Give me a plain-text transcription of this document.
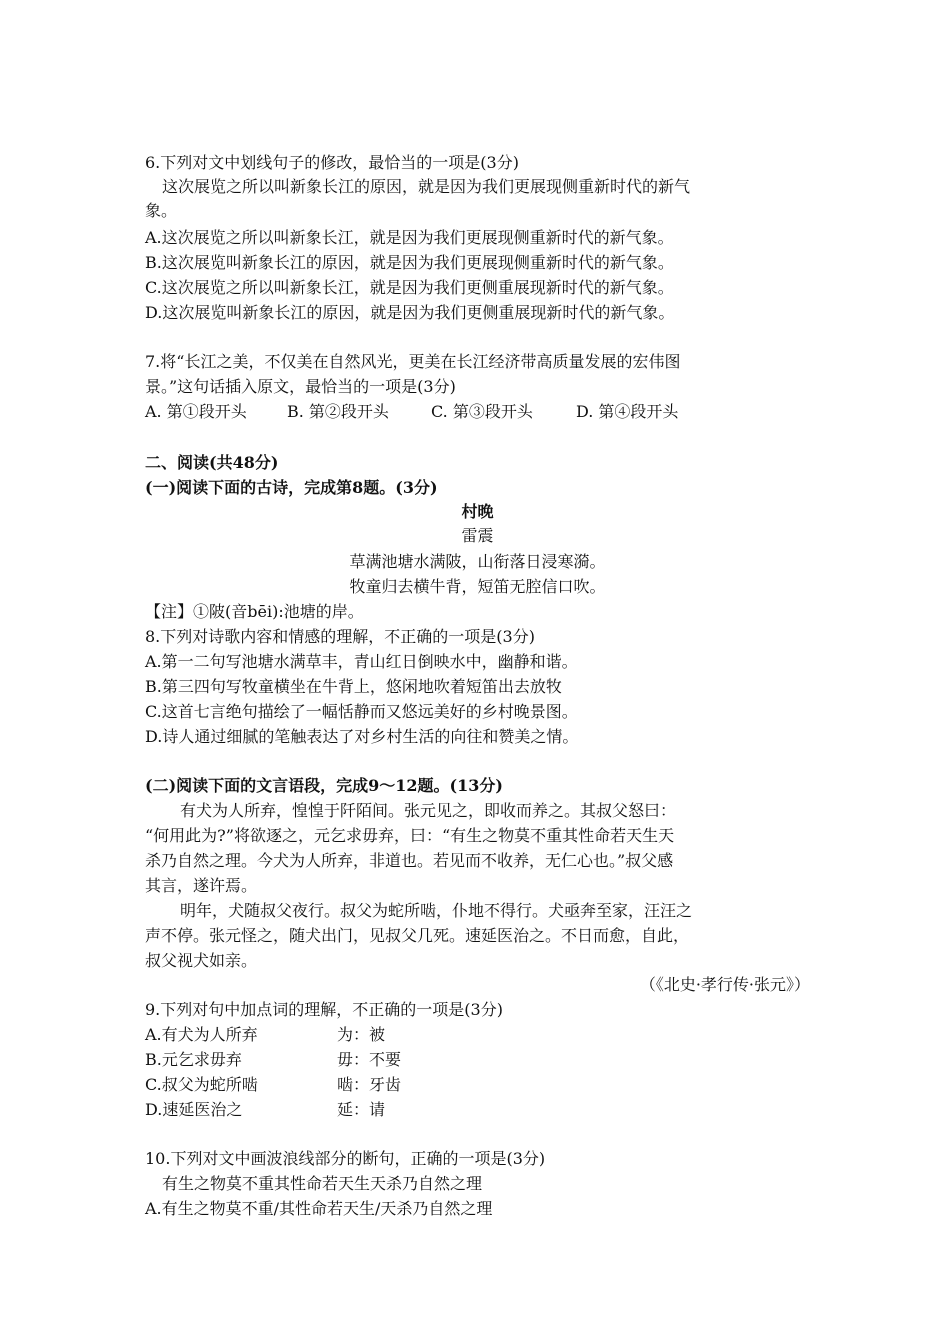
6.下列对文中划线句子的修改，最恰当的一项是(3分)
这次展览之所以叫新象长江的原因，就是因为我们更展现侧重新时代的新气
象。
A.这次展览之所以叫新象长江，就是因为我们更展现侧重新时代的新气象。
B.这次展览叫新象长江的原因，就是因为我们更展现侧重新时代的新气象。
C.这次展览之所以叫新象长江，就是因为我们更侧重展现新时代的新气象。
D.这次展览叫新象长江的原因，就是因为我们更侧重展现新时代的新气象。
7.将“长江之美，不仅美在自然风光，更美在长江经济带高质量发展的宏伟图
景。”这句话插入原文，最恰当的一项是(3分)
A. 第①段开头	B. 第②段开头	C. 第③段开头	D. 第④段开头
二、阅读(共48分)
(一)阅读下面的古诗，完成第8题。(3分)
村晚
雷震
草满池塘水满陂，山衔落日浸寒漪。
牧童归去横牛背，短笛无腔信口吹。
【注】①陂(音bēi):池塘的岸。
8.下列对诗歌内容和情感的理解，不正确的一项是(3分)
A.第一二句写池塘水满草丰，青山红日倒映水中，幽静和谐。
B.第三四句写牧童横坐在牛背上，悠闲地吹着短笛出去放牧
C.这首七言绝句描绘了一幅恬静而又悠远美好的乡村晚景图。
D.诗人通过细腻的笔触表达了对乡村生活的向往和赞美之情。
(二)阅读下面的文言语段，完成9～12题。(13分)
有犬为人所弃，惶惶于阡陌间。张元见之，即收而养之。其叔父怒曰：
“何用此为?”将欲逐之，元乞求毋弃，曰：“有生之物莫不重其性命若天生天
杀乃自然之理。今犬为人所弃，非道也。若见而不收养，无仁心也。”叔父感
其言，遂许焉。
明年，犬随叔父夜行。叔父为蛇所啮，仆地不得行。犬亟奔至家，汪汪之
声不停。张元怪之，随犬出门，见叔父几死。速延医治之。不日而愈，自此，
叔父视犬如亲。
（《北史·孝行传·张元》）
9.下列对句中加点词的理解，不正确的一项是(3分)
A.有犬为人所弃	为：被
B.元乞求毋弃	毋：不要
C.叔父为蛇所啮	啮：牙齿
D.速延医治之	延：请
10.下列对文中画波浪线部分的断句，正确的一项是(3分)
有生之物莫不重其性命若天生天杀乃自然之理
A.有生之物莫不重/其性命若天生/天杀乃自然之理
